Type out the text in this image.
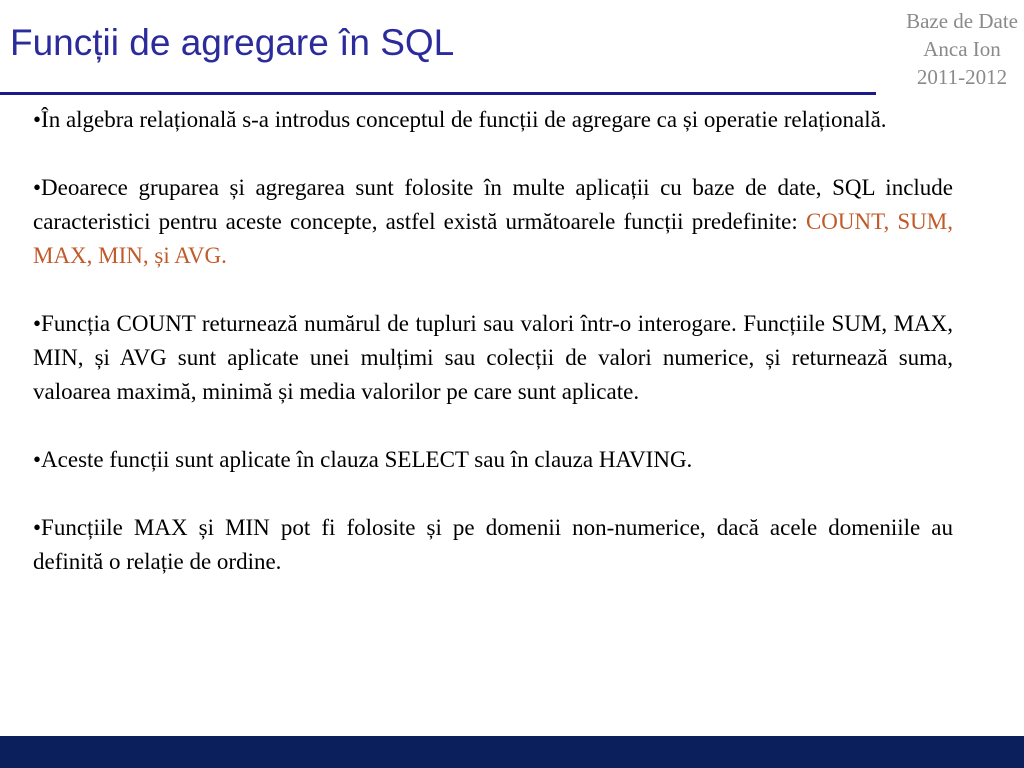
Funcții de agregare în SQL
Baze de Date
Anca Ion
2011-2012

•În algebra relațională s-a introdus conceptul de funcții de agregare ca și operatie relațională.

•Deoarece gruparea și agregarea sunt folosite în multe aplicații cu baze de date, SQL include caracteristici pentru aceste concepte, astfel există următoarele funcții predefinite: COUNT, SUM, MAX, MIN, și AVG.

•Funcția COUNT returnează numărul de tupluri sau valori într-o interogare. Funcțiile SUM, MAX, MIN, și AVG sunt aplicate unei mulțimi sau colecții de valori numerice, și returnează suma, valoarea maximă, minimă și media valorilor pe care sunt aplicate.

•Aceste funcții sunt aplicate în clauza SELECT sau în clauza HAVING.

•Funcțiile MAX și MIN pot fi folosite și pe domenii non-numerice, dacă acele domeniile au definită o relație de ordine.
